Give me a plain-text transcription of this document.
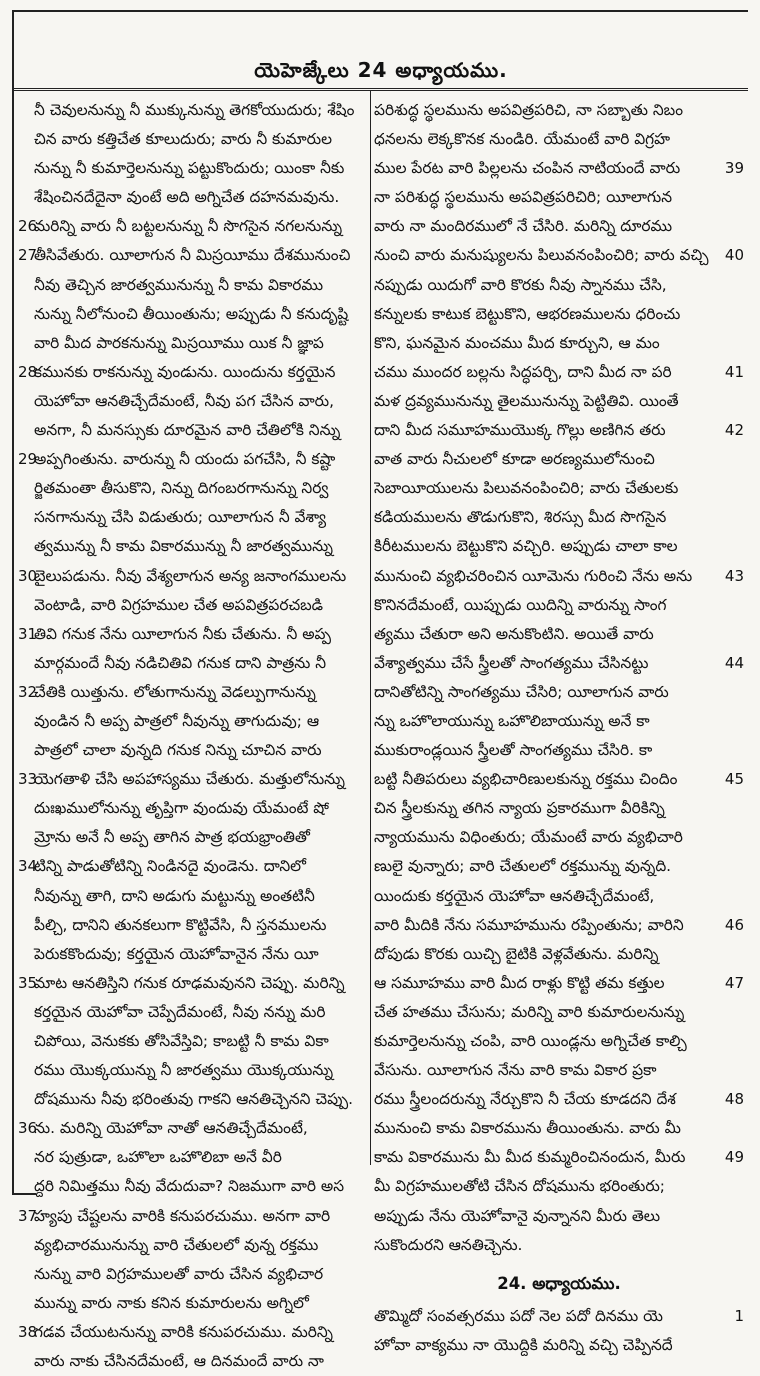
యెహెజ్కేలు 24 అధ్యాయము.
నీ చెవులనున్ను నీ ముక్కునున్ను తెగకోయుదురు; శేషిం
చిన వారు కత్తిచేత కూలుదురు; వారు నీ కుమారుల
నున్ను నీ కుమార్తెలనున్ను పట్టుకొందురు; యింకా నీకు
శేషించినదేదైనా వుంటే అది అగ్నిచేత దహనమవును.
మరిన్ని వారు నీ బట్టలనున్ను నీ సొగసైన నగలనున్ను
26
తీసివేతురు. యీలాగున నీ మిస్రయీము దేశమునుంచి
27
నీవు తెచ్చిన జారత్వమునున్ను నీ కామ వికారము
నున్ను నీలోనుంచి తీయింతును; అప్పుడు నీ కనుదృష్టి
వారి మీద పారకనున్ను మిస్రయీము యిక నీ జ్ఞాప
కమునకు రాకనున్ను వుండును. యిందును కర్తయైన
28
యెహోవా ఆనతిచ్చేదేమంటే, నీవు పగ చేసిన వారు,
అనగా, నీ మనస్సుకు దూరమైన వారి చేతిలోకి నిన్ను
అప్పగింతును. వారున్ను నీ యందు పగచేసి, నీ కష్టా
29
ర్జితమంతా తీసుకొని, నిన్ను దిగంబరగానున్ను నిర్వ
సనగానున్ను చేసి విడుతురు; యీలాగున నీ వేశ్యా
త్వమున్ను నీ కామ వికారమున్ను నీ జారత్వమున్ను
బైలుపడును. నీవు వేశ్యలాగున అన్య జనాంగములను
30
వెంటాడి, వారి విగ్రహముల చేత అపవిత్రపరచబడి
తివి గనుక నేను యీలాగున నీకు చేతును. నీ అప్ప
31
మార్గమందే నీవు నడిచితివి గనుక దాని పాత్రను నీ
చేతికి యిత్తును. లోతుగానున్ను వెడల్పుగానున్ను
32
వుండిన నీ అప్ప పాత్రలో నీవున్ను తాగుదువు; ఆ
పాత్రలో చాలా వున్నది గనుక నిన్ను చూచిన వారు
యెగతాళి చేసి అపహాస్యము చేతురు. మత్తులోనున్ను
33
దుఃఖములోనున్ను తృప్తిగా వుందువు యేమంటే షో
మ్రోను అనే నీ అప్ప తాగిన పాత్ర భయభ్రాంతితో
టిన్ని పాడుతోటిన్ని నిండినదై వుండెను. దానిలో
34
నీవున్ను తాగి, దాని అడుగు మట్టున్ను అంతటినీ
పీల్చి, దానిని తునకలుగా కొట్టివేసి, నీ స్తనములను
పెరుకకొందువు; కర్తయైన యెహోవానైన నేను యీ
మాట ఆనతిస్తిని గనుక రూఢమవునని చెప్పు. మరిన్ని
35
కర్తయైన యెహోవా చెప్పేదేమంటే, నీవు నన్ను మరి
చిపోయి, వెనుకకు తోసివేస్తివి; కాబట్టి నీ కామ వికా
రము యొక్కయున్ను నీ జారత్వము యొక్కయున్ను
దోషమును నీవు భరింతువు గాకని ఆనతిచ్చెనని చెప్పు.
ను. మరిన్ని యెహోవా నాతో ఆనతిచ్చేదేమంటే,
36
నర పుత్రుడా, ఒహొలా ఒహొలిబా అనే వీరి
ద్దరి నిమిత్తము నీవు వేదుదువా? నిజముగా వారి అస
హ్యపు చేష్టలను వారికి కనుపరచుము. అనగా వారి
37
వ్యభిచారమునున్ను వారి చేతులలో వున్న రక్తము
నున్ను వారి విగ్రహములతో వారు చేసిన వ్యభిచార
మున్ను వారు నాకు కనిన కుమారులను అగ్నిలో
గడవ చేయుటనున్ను వారికి కనుపరచుము. మరిన్ని
38
వారు నాకు చేసినదేమంటే, ఆ దినమందే వారు నా
పరిశుద్ధ స్థలమును అపవిత్రపరిచి, నా సబ్బాతు నిబం
ధనలను లెక్కకొనక నుండిరి. యేమంటే వారి విగ్రహ
ముల పేరట వారి పిల్లలను చంపిన నాటియందే వారు	39
నా పరిశుద్ధ స్థలమును అపవిత్రపరిచిరి; యీలాగున
వారు నా మందిరములో నే చేసిరి. మరిన్ని దూరము
నుంచి వారు మనుష్యులను పిలువనంపించిరి; వారు వచ్చి 40
నప్పుడు యిదుగో వారి కొరకు నీవు స్నానము చేసి,
కన్నులకు కాటుక బెట్టుకొని, ఆభరణములను ధరించు
కొని, ఘనమైన మంచము మీద కూర్చుని, ఆ మం
చము ముందర బల్లను సిద్ధపర్చి, దాని మీద నా పరి	41
మళ ద్రవ్యమునున్ను తైలమునున్ను పెట్టితివి. యింతే
దాని మీద సమూహముయొక్క గొల్లు అణిగిన తరు	42
వాత వారు నీచులలో కూడా అరణ్యములోనుంచి
సెబాయీయులను పిలువనంపించిరి; వారు చేతులకు
కడియములను తొడుగుకొని, శిరస్సు మీద సొగసైన
కిరీటములను బెట్టుకొని వచ్చిరి. అప్పుడు చాలా కాల
మునుంచి వ్యభిచరించిన యీమెను గురించి నేను అను 43
కొనినదేమంటే, యిప్పుడు యిదిన్ని వారున్ను సాంగ
త్యము చేతురా అని అనుకొంటిని. అయితే వారు
వేశ్యాత్వము చేసే స్త్రీలతో సాంగత్యము చేసినట్టు	44
దానితోటిన్ని సాంగత్యము చేసిరి; యీలాగున వారు
న్ను ఒహొలాయున్ను ఒహొలిబాయున్ను అనే కా
ముకురాండ్లయిన స్త్రీలతో సాంగత్యము చేసిరి. కా
బట్టి నీతిపరులు వ్యభిచారిణులకున్ను రక్తము చిందిం	45
చిన స్త్రీలకున్ను తగిన న్యాయ ప్రకారముగా వీరికిన్ని
న్యాయమును విధింతురు; యేమంటే వారు వ్యభిచారి
ణులై వున్నారు; వారి చేతులలో రక్తమున్ను వున్నది.
యిందుకు కర్తయైన యెహోవా ఆనతిచ్చేదేమంటే,
వారి మీదికి నేను సమూహమును రప్పింతును; వారిని	46
దోపుడు కొరకు యిచ్చి బైటికి వెళ్లవేతును. మరిన్ని
ఆ సమూహము వారి మీద రాళ్లు కొట్టి తమ కత్తుల	47
చేత హతము చేసును; మరిన్ని వారి కుమారులనున్ను
కుమార్తెలనున్ను చంపి, వారి యిండ్లను అగ్నిచేత కాల్చి
వేసును. యీలాగున నేను వారి కామ వికార ప్రకా
రము స్త్రీలందరున్ను నేర్చుకొని నీ చేయ కూడదని దేశ	48
మునుంచి కామ వికారమును తీయింతును. వారు మీ
కామ వికారమును మీ మీద కుమ్మరించినందున, మీరు	49
మీ విగ్రహములతోటి చేసిన దోషమును భరింతురు;
అప్పుడు నేను యెహోవానై వున్నానని మీరు తెలు
సుకొందురని ఆనతిచ్చెను.
24. అధ్యాయము.
తొమ్మిదో సంవత్సరము పదో నెల పదో దినము యె	1
హోవా వాక్యము నా యొద్దికి మరిన్ని వచ్చి చెప్పినదే
